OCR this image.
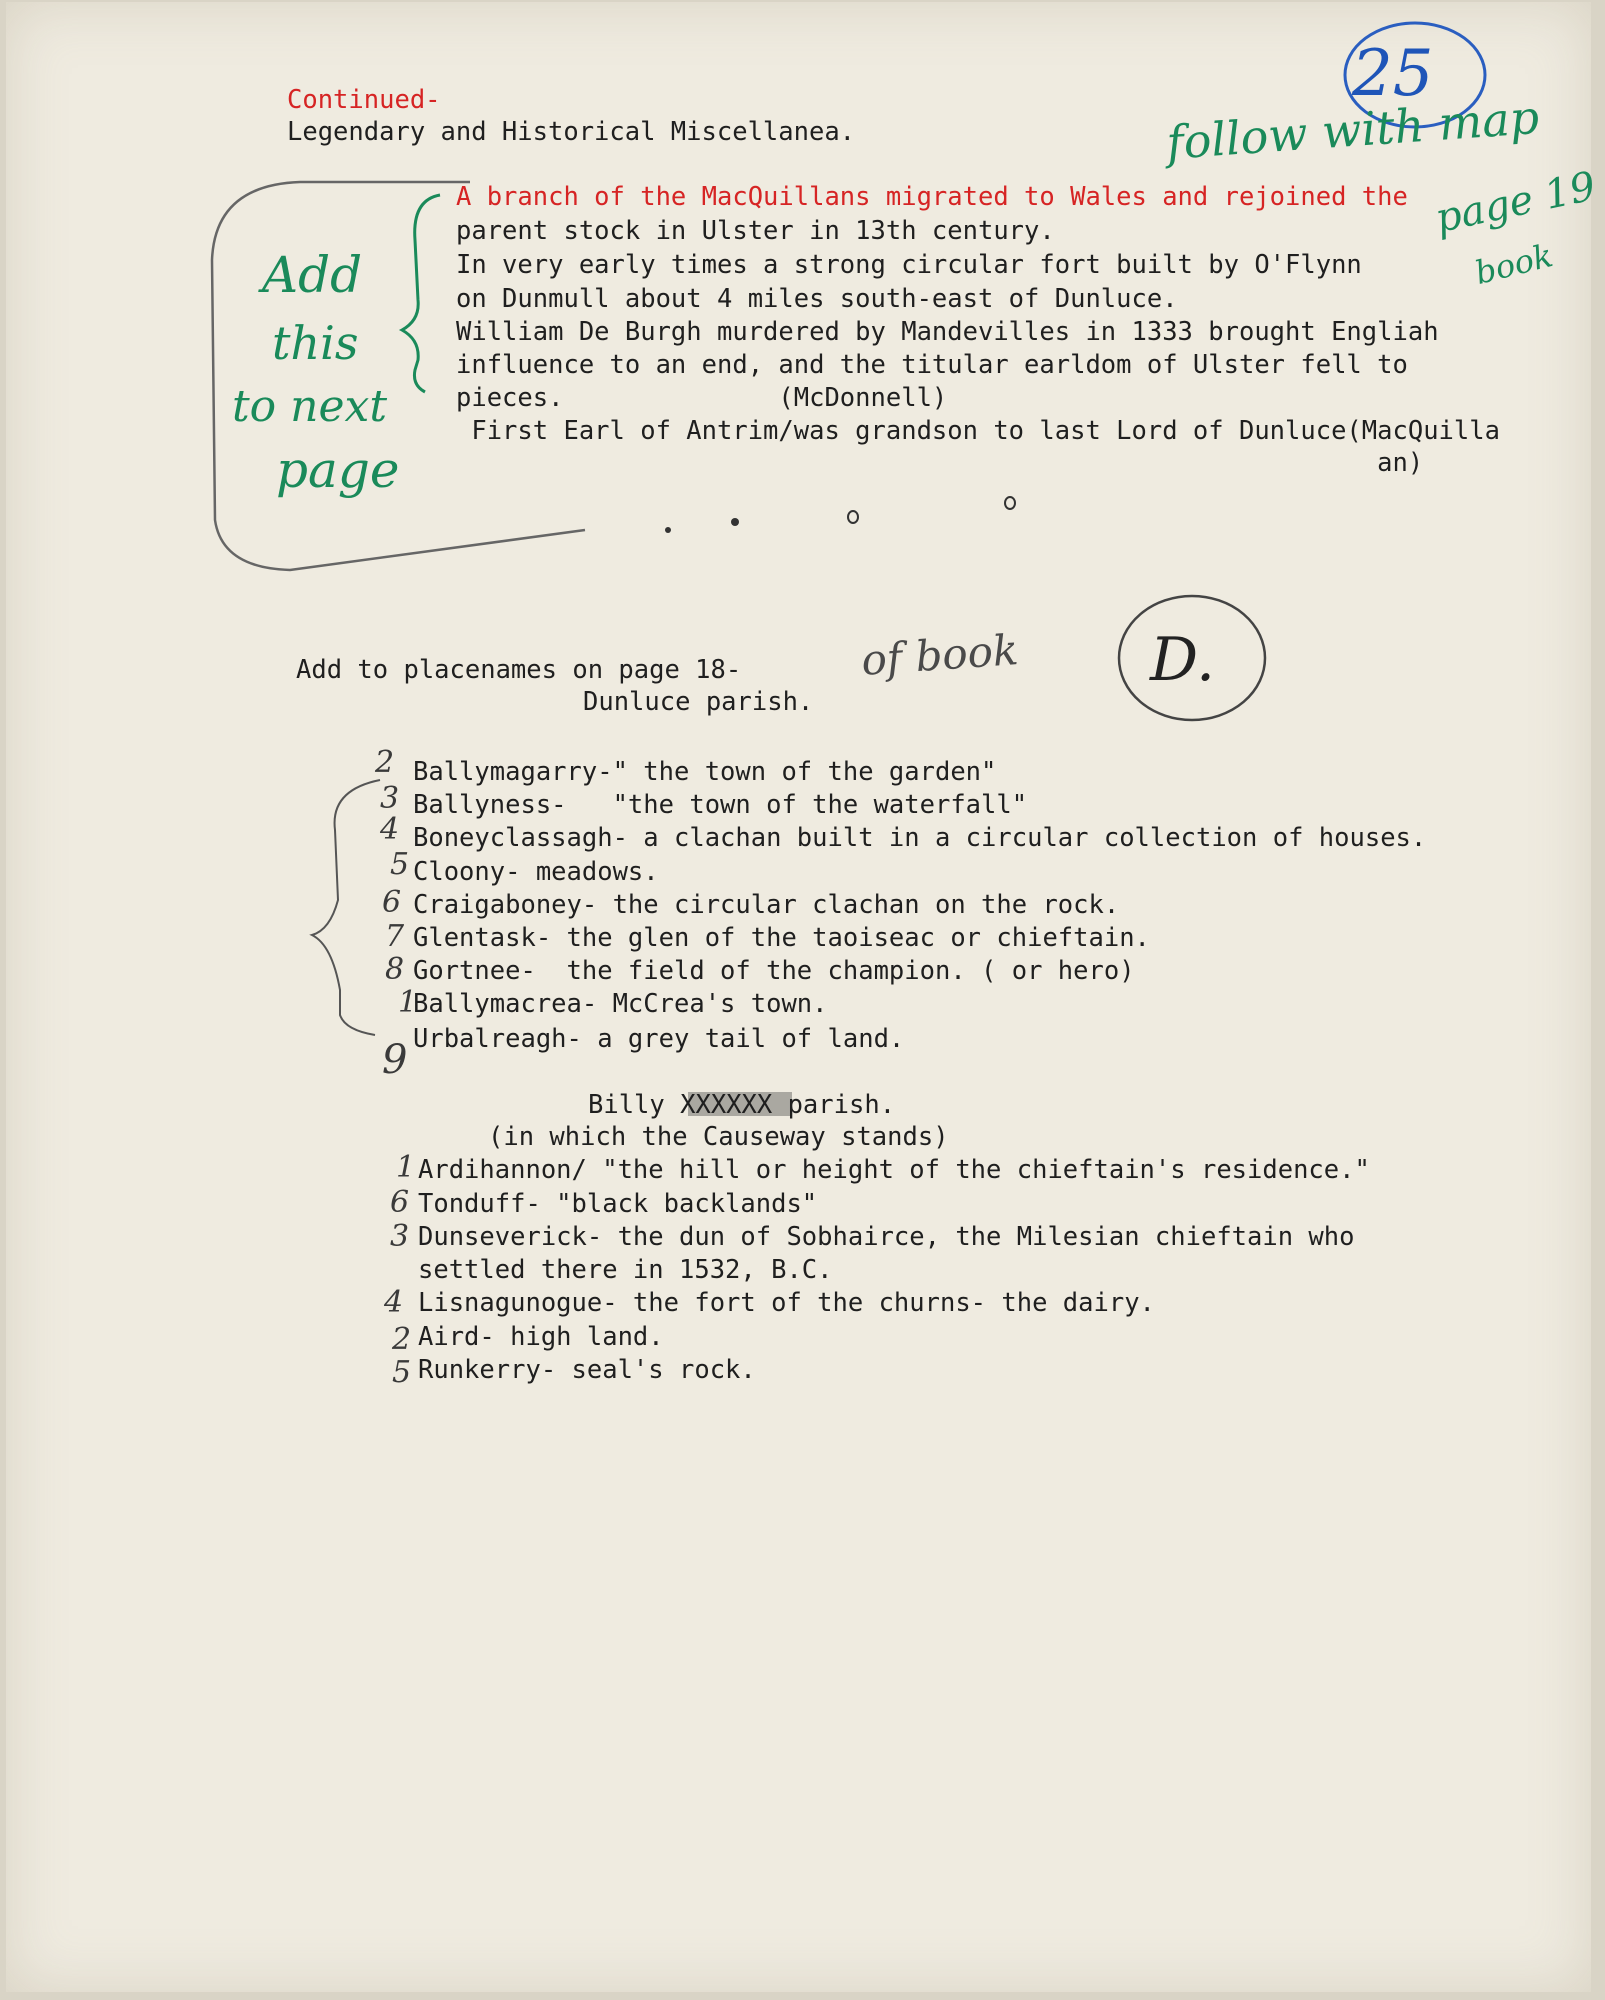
25
follow with map
page 19
book
Add
this
to next
page
of book D.
Continued-
Legendary and Historical Miscellanea.
A branch of the MacQuillans migrated to Wales and rejoined the
parent stock in Ulster in 13th century.
In very early times a strong circular fort built by O'Flynn
on Dunmull about 4 miles south-east of Dunluce.
William De Burgh murdered by Mandevilles in 1333 brought Engliah
influence to an end, and the titular earldom of Ulster fell to
pieces.              (McDonnell)
First Earl of Antrim/was grandson to last Lord of Dunluce(MacQuilla
an)
Add to placenames on page 18-
Dunluce parish.
2 Ballymagarry-" the town of the garden"
3 Ballyness-   "the town of the waterfall"
4 Boneyclassagh- a clachan built in a circular collection of houses.
5 Cloony- meadows.
6 Craigaboney- the circular clachan on the rock.
7 Glentask- the glen of the taoiseac or chieftain.
8 Gortnee-  the field of the champion. ( or hero)
1
Ballymacrea- McCrea's town.
9 Urbalreagh- a grey tail of land.
Billy XXXXXX parish.
(in which the Causeway stands)
1 Ardihannon/ "the hill or height of the chieftain's residence."
6 Tonduff- "black backlands"
3 Dunseverick- the dun of Sobhairce, the Milesian chieftain who
settled there in 1532, B.C.
4 Lisnagunogue- the fort of the churns- the dairy.
2 Aird- high land.
5 Runkerry- seal's rock.
